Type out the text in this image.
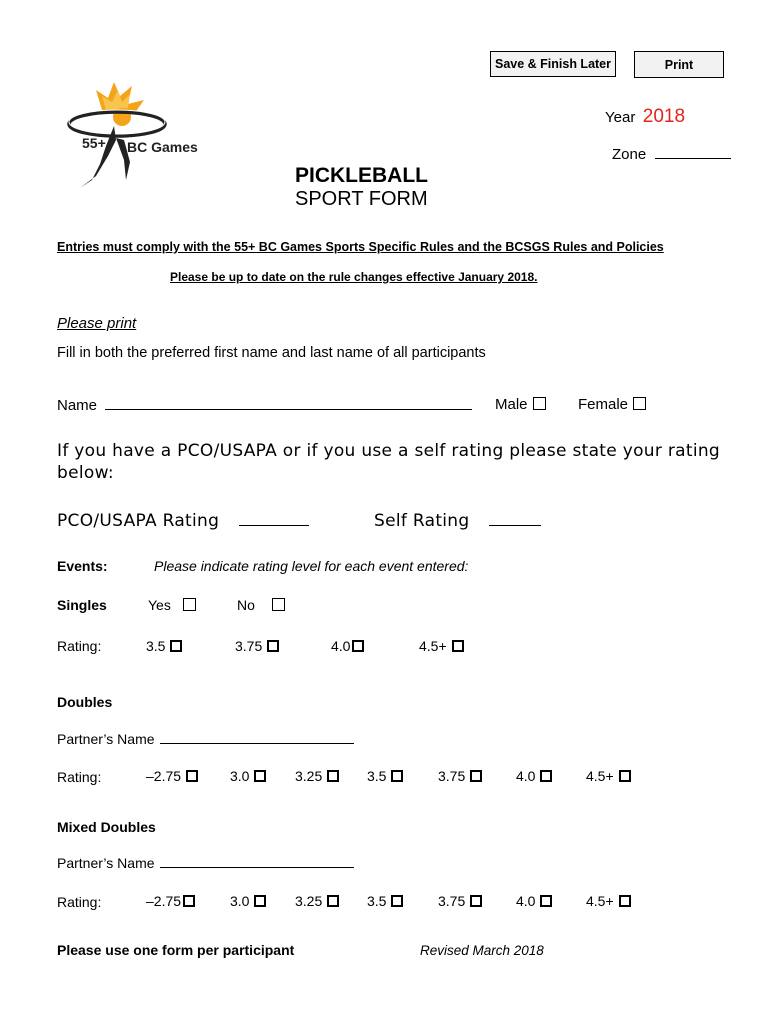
Save & Finish Later	Print
55+ BC Games
Year 2018
Zone
PICKLEBALL
SPORT FORM
Entries must comply with the 55+ BC Games Sports Specific Rules and the BCSGS Rules and Policies
Please be up to date on the rule changes effective January 2018.
Please print
Fill in both the preferred first name and last name of all participants
Name	Male	Female
If you have a PCO/USAPA or if you use a self rating please state your rating
below:
PCO/USAPA Rating	Self Rating
Events:	Please indicate rating level for each event entered:
Singles	Yes	No
Rating:	3.5	3.75	4.0	4.5+
Doubles
Partner’s Name
Rating:	–2.75	3.0	3.25	3.5	3.75	4.0	4.5+
Mixed Doubles
Partner’s Name
Rating:	–2.75	3.0	3.25	3.5	3.75	4.0	4.5+
Please use one form per participant	Revised March 2018
